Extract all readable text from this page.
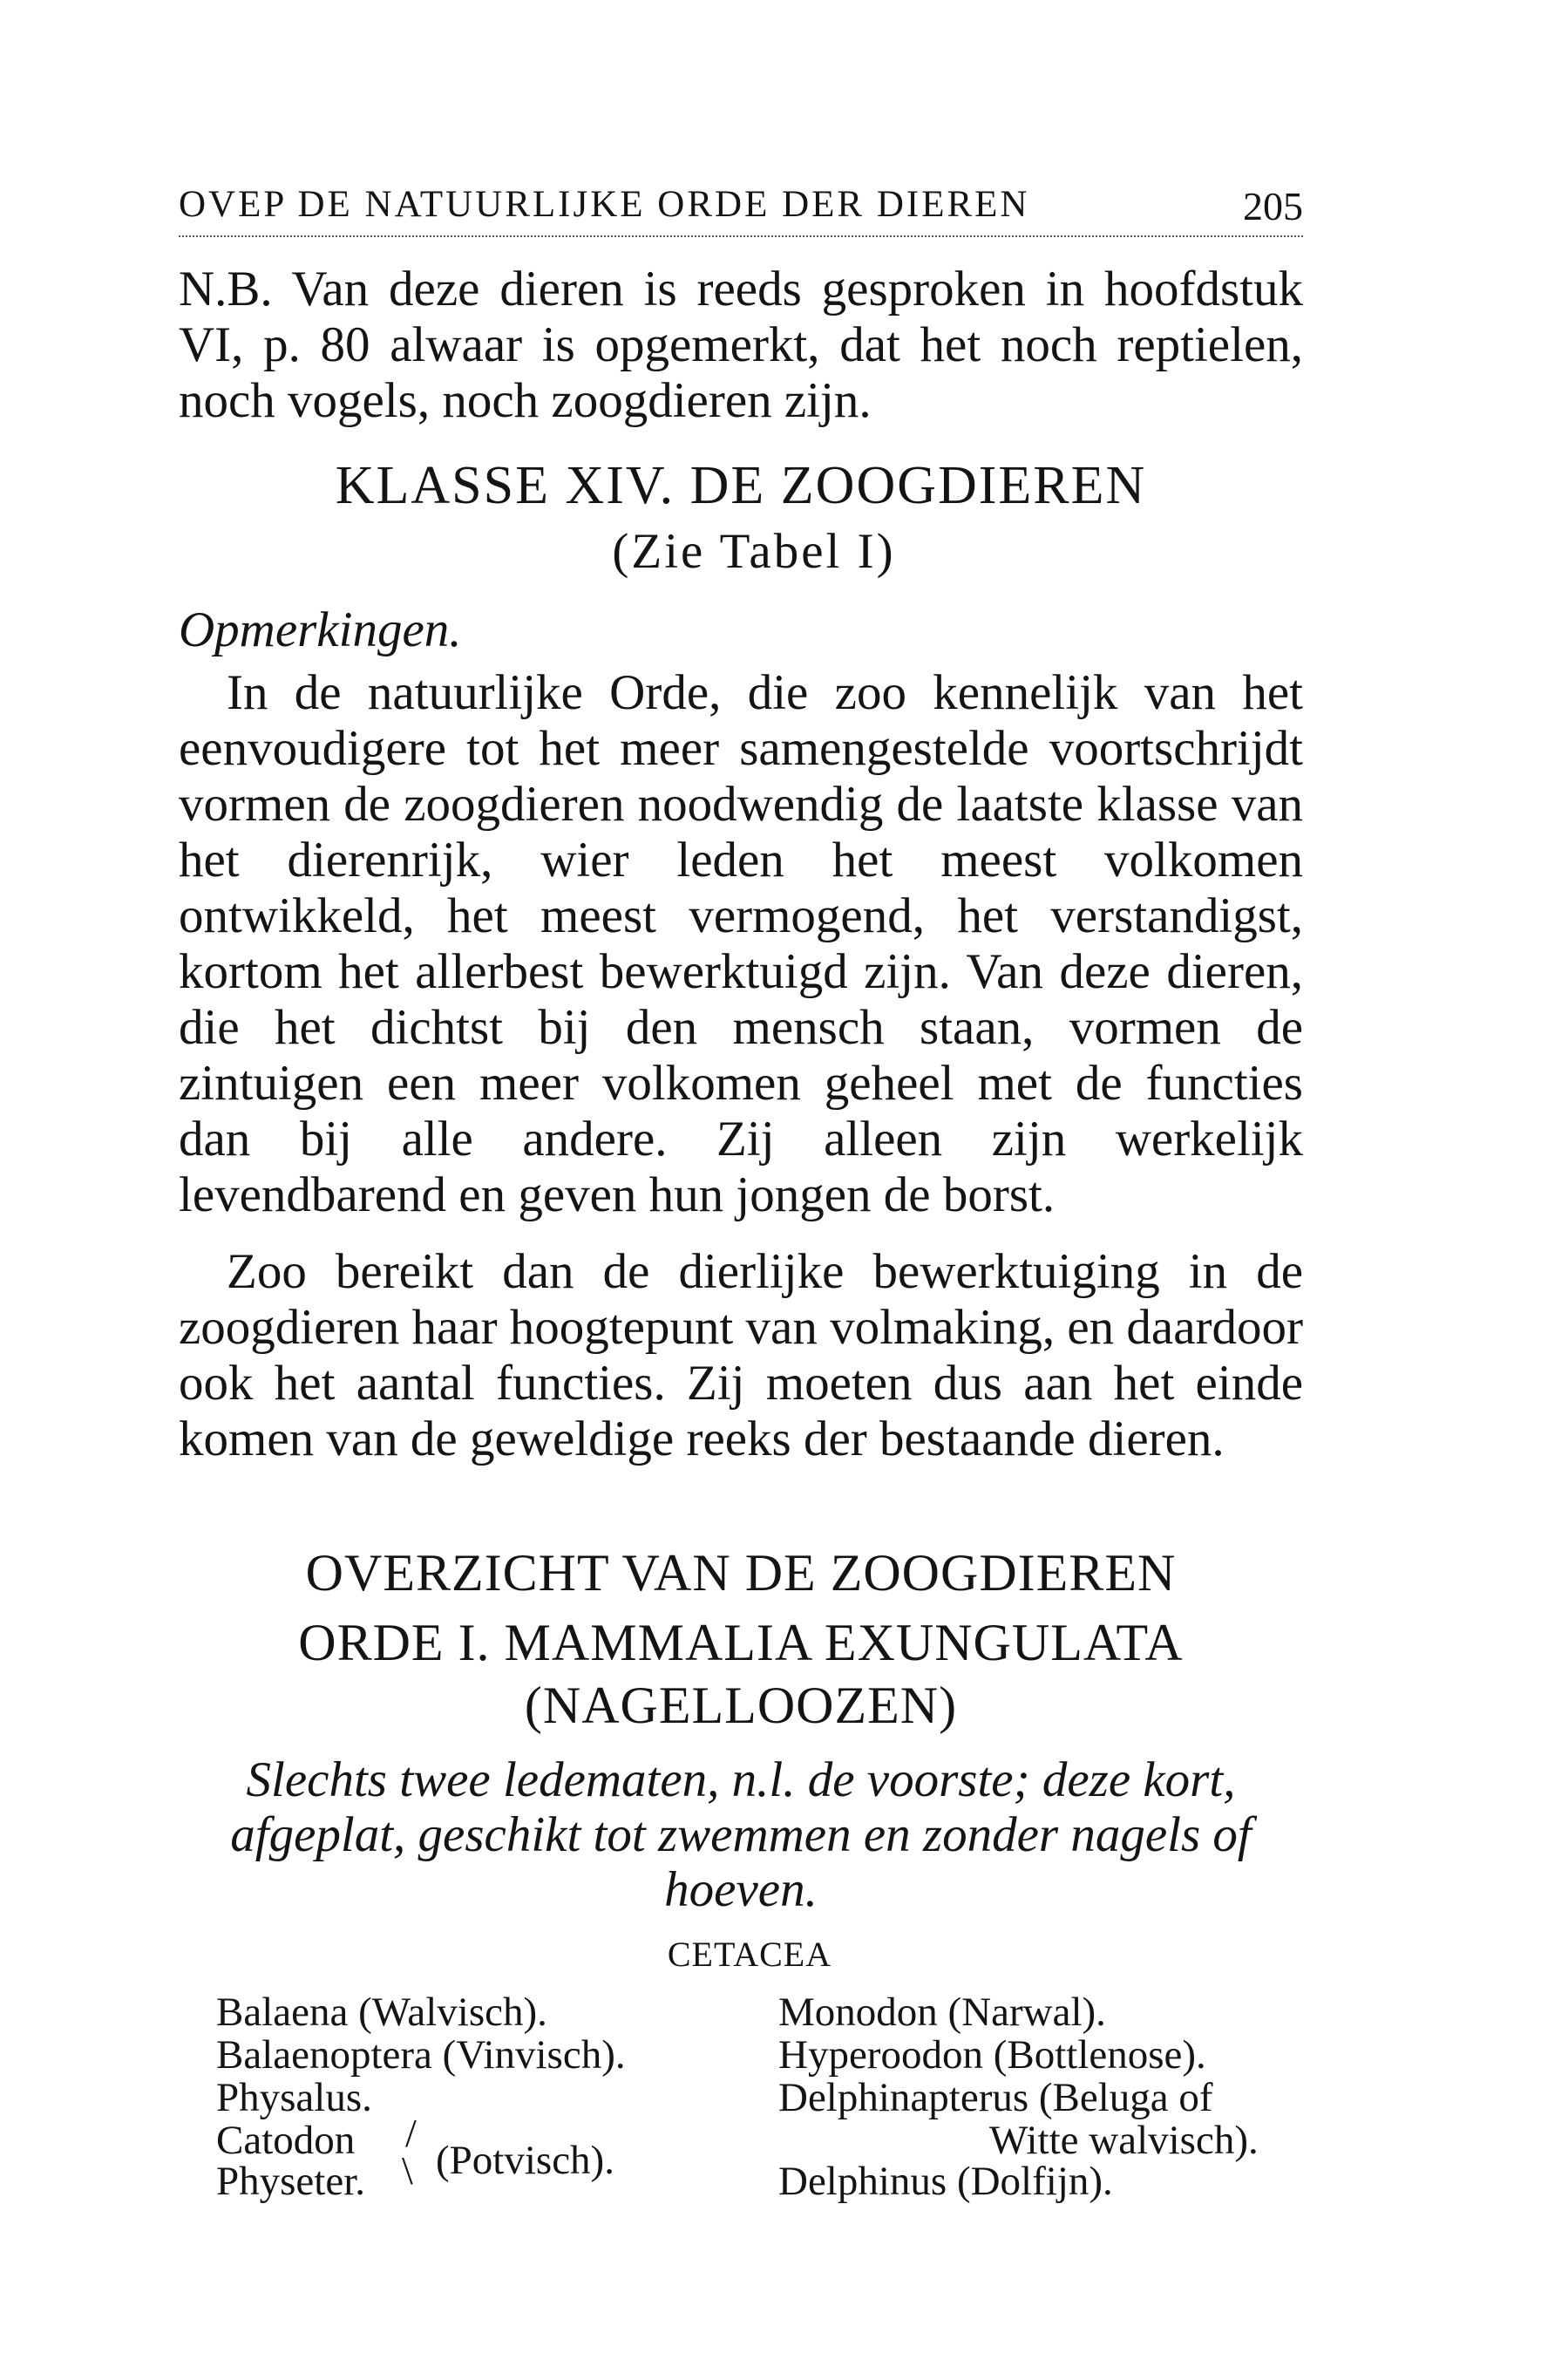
OVEP DE NATUURLIJKE ORDE DER DIEREN	205
N.B. Van deze dieren is reeds gesproken in hoofdstuk VI, p. 80 alwaar is opgemerkt, dat het noch reptielen, noch vogels, noch zoogdieren zijn.
KLASSE XIV. DE ZOOGDIEREN
(Zie Tabel I)
Opmerkingen.
In de natuurlijke Orde, die zoo kennelijk van het eenvoudigere tot het meer samengestelde voortschrijdt vormen de zoogdieren noodwendig de laatste klasse van het dierenrijk, wier leden het meest volkomen ontwikkeld, het meest vermogend, het verstandigst, kortom het allerbest bewerktuigd zijn. Van deze dieren, die het dichtst bij den mensch staan, vormen de zintuigen een meer volkomen geheel met de functies dan bij alle andere. Zij alleen zijn werkelijk levendbarend en geven hun jongen de borst.
Zoo bereikt dan de dierlijke bewerktuiging in de zoogdieren haar hoogtepunt van volmaking, en daardoor ook het aantal functies. Zij moeten dus aan het einde komen van de geweldige reeks der bestaande dieren.
OVERZICHT VAN DE ZOOGDIEREN
ORDE I. MAMMALIA EXUNGULATA
(NAGELLOOZEN)
Slechts twee ledematen, n.l. de voorste; deze kort, afgeplat, geschikt tot zwemmen en zonder nagels of hoeven.
CETACEA
Balaena (Walvisch).
Balaenoptera (Vinvisch).
Physalus.
Catodon
Physeter.
/
\ (Potvisch).
Monodon (Narwal).
Hyperoodon (Bottlenose).
Delphinapterus (Beluga of
Witte walvisch).
Delphinus (Dolfijn).
